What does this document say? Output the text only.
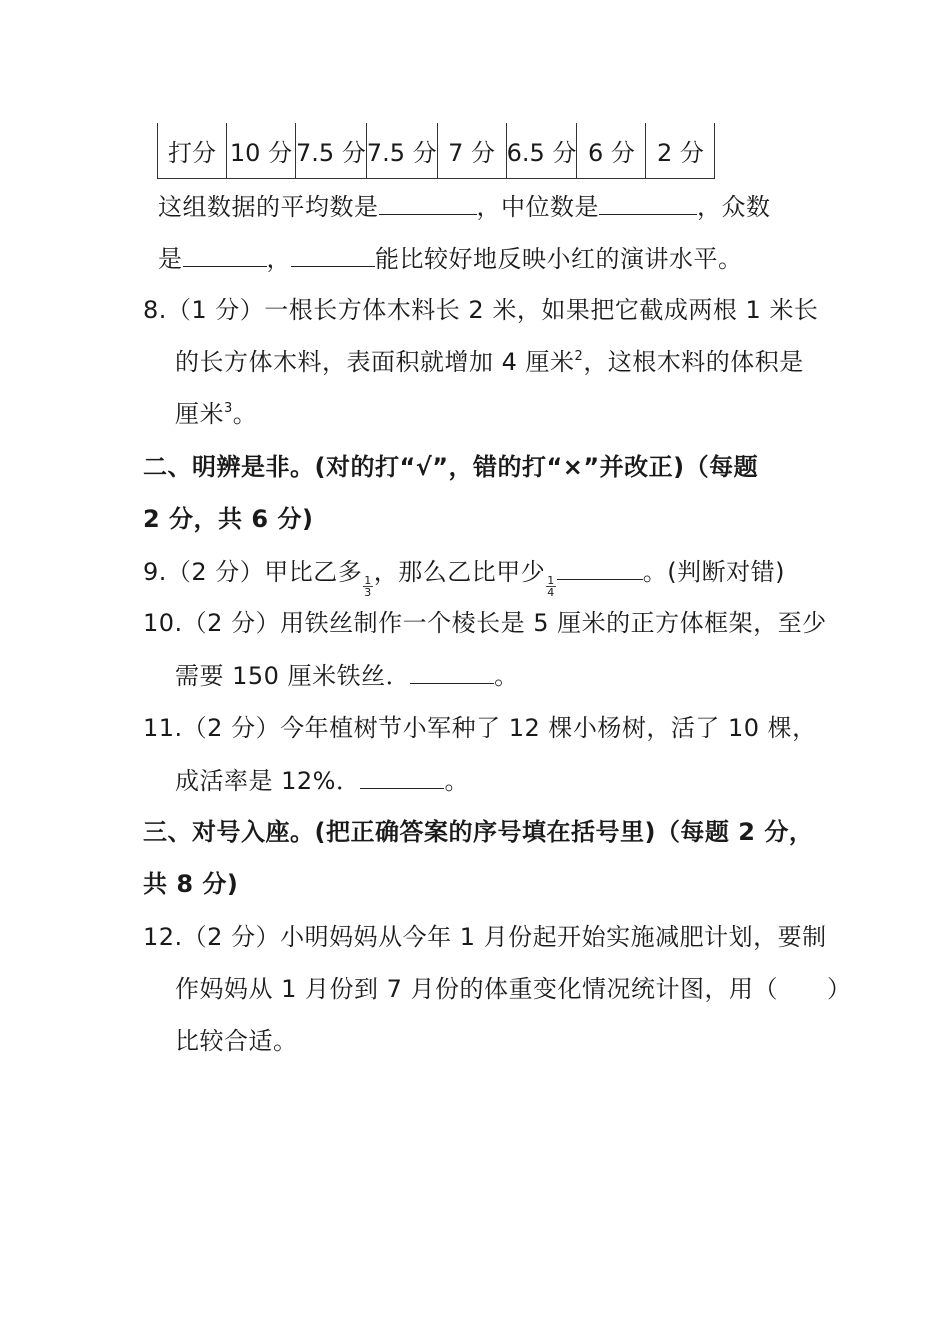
打分	10 分	7.5 分	7.5 分	7 分	6.5 分	6 分	2 分
这组数据的平均数是	，中位数是	，众数
是	，	能比较好地反映小红的演讲水平。
8.（1 分）一根长方体木料长 2 米，如果把它截成两根 1 米长
的长方体木料，表面积就增加 4 厘米$^2$，这根木料的体积是
厘米$^3$。
二、明辨是非。(对的打“√”，错的打“×”并改正)（每题
2 分，共 6 分)
9.（2 分）甲比乙多
$\frac{1}{3}$
，那么乙比甲少
$\frac{1}{4}$
。(判断对错)
10.（2 分）用铁丝制作一个棱长是 5 厘米的正方体框架，至少
需要 150 厘米铁丝．	。
11.（2 分）今年植树节小军种了 12 棵小杨树，活了 10 棵，
成活率是 12%．	。
三、对号入座。(把正确答案的序号填在括号里)（每题 2 分，
共 8 分)
12.（2 分）小明妈妈从今年 1 月份起开始实施减肥计划，要制
作妈妈从 1 月份到 7 月份的体重变化情况统计图，用（　　）
比较合适。
